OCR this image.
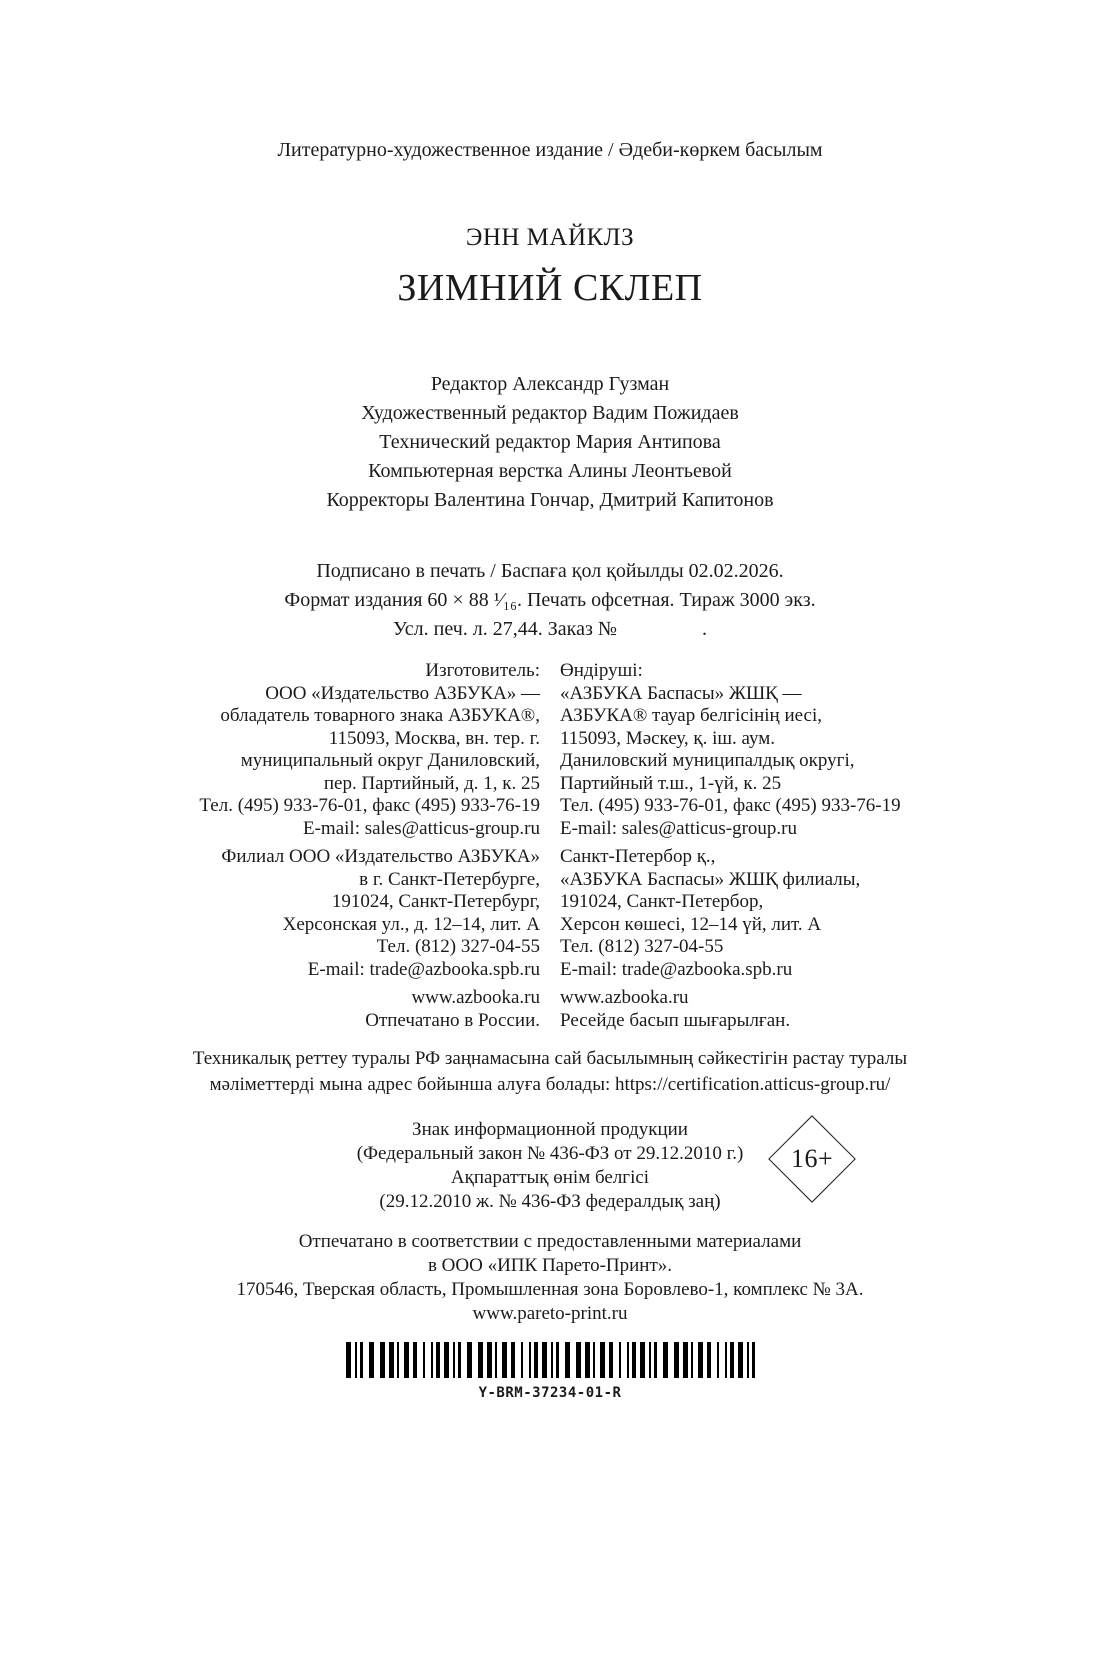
Литературно-художественное издание / Әдеби-көркем басылым
ЭНН МАЙКЛЗ
ЗИМНИЙ СКЛЕП
Редактор Александр Гузман
Художественный редактор Вадим Пожидаев
Технический редактор Мария Антипова
Компьютерная верстка Алины Леонтьевой
Корректоры Валентина Гончар, Дмитрий Капитонов
Подписано в печать / Баспаға қол қойылды 02.02.2026.
Формат издания 60 × 88 ¹⁄₁₆. Печать офсетная. Тираж 3000 экз.
Усл. печ. л. 27,44. Заказ №                 .
Изготовитель:
ООО «Издательство АЗБУКА» —
обладатель товарного знака АЗБУКА®,
115093, Москва, вн. тер. г.
муниципальный округ Даниловский,
пер. Партийный, д. 1, к. 25
Тел. (495) 933-76-01, факс (495) 933-76-19
E-mail: sales@atticus-group.ru
Филиал ООО «Издательство АЗБУКА»
в г. Санкт-Петербурге,
191024, Санкт-Петербург,
Херсонская ул., д. 12–14, лит. А
Тел. (812) 327-04-55
E-mail: trade@azbooka.spb.ru
www.azbooka.ru
Отпечатано в России.
Өндіруші:
«АЗБУКА Баспасы» ЖШҚ —
АЗБУКА® тауар белгісінің иесі,
115093, Мәскеу, қ. іш. аум.
Даниловский муниципалдық округі,
Партийный т.ш., 1-үй, к. 25
Тел. (495) 933-76-01, факс (495) 933-76-19
E-mail: sales@atticus-group.ru
Санкт-Петербор қ.,
«АЗБУКА Баспасы» ЖШҚ филиалы,
191024, Санкт-Петербор,
Херсон көшесі, 12–14 үй, лит. А
Тел. (812) 327-04-55
E-mail: trade@azbooka.spb.ru
www.azbooka.ru
Ресейде басып шығарылған.
Техникалық реттеу туралы РФ заңнамасына сай басылымның сәйкестігін растау туралы
мәліметтерді мына адрес бойынша алуға болады: https://certification.atticus-group.ru/
Знак информационной продукции
(Федеральный закон № 436-ФЗ от 29.12.2010 г.)
Ақпараттық өнім белгісі
(29.12.2010 ж. № 436-ФЗ федералдық заң)
16+
Отпечатано в соответствии с предоставленными материалами
в ООО «ИПК Парето-Принт».
170546, Тверская область, Промышленная зона Боровлево-1, комплекс № 3А.
www.pareto-print.ru
Y-BRM-37234-01-R
